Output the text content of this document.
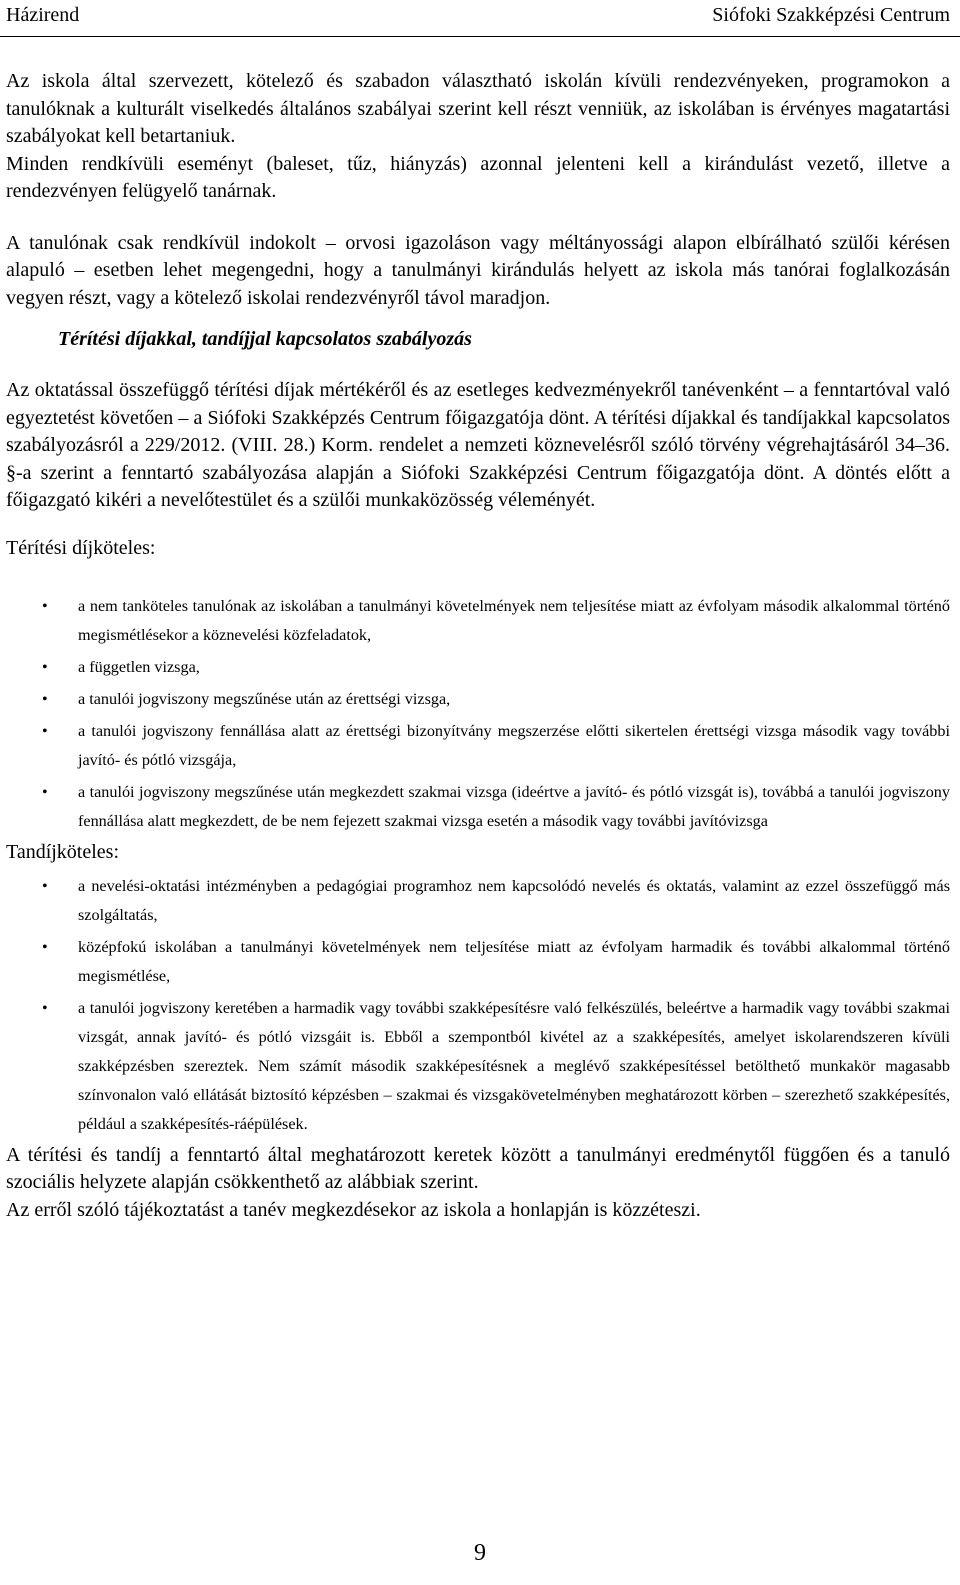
Házirend	Siófoki Szakképzési Centrum

Az iskola által szervezett, kötelező és szabadon választható iskolán kívüli rendezvényeken, programokon a tanulóknak a kulturált viselkedés általános szabályai szerint kell részt venniük, az iskolában is érvényes magatartási szabályokat kell betartaniuk.

Minden rendkívüli eseményt (baleset, tűz, hiányzás) azonnal jelenteni kell a kirándulást vezető, illetve a rendezvényen felügyelő tanárnak.

A tanulónak csak rendkívül indokolt – orvosi igazoláson vagy méltányossági alapon elbírálható szülői kérésen alapuló – esetben lehet megengedni, hogy a tanulmányi kirándulás helyett az iskola más tanórai foglalkozásán vegyen részt, vagy a kötelező iskolai rendezvényről távol maradjon.

Térítési díjakkal, tandíjjal kapcsolatos szabályozás

Az oktatással összefüggő térítési díjak mértékéről és az esetleges kedvezményekről tanévenként – a fenntartóval való egyeztetést követően – a Siófoki Szakképzés Centrum főigazgatója dönt. A térítési díjakkal és tandíjakkal kapcsolatos szabályozásról a 229/2012. (VIII. 28.) Korm. rendelet a nemzeti köznevelésről szóló törvény végrehajtásáról 34–36. §-a szerint a fenntartó szabályozása alapján a Siófoki Szakképzési Centrum főigazgatója dönt. A döntés előtt a főigazgató kikéri a nevelőtestület és a szülői munkaközösség véleményét.

Térítési díjköteles:

• a nem tanköteles tanulónak az iskolában a tanulmányi követelmények nem teljesítése miatt az évfolyam második alkalommal történő megismétlésekor a köznevelési közfeladatok,
• a független vizsga,
• a tanulói jogviszony megszűnése után az érettségi vizsga,
• a tanulói jogviszony fennállása alatt az érettségi bizonyítvány megszerzése előtti sikertelen érettségi vizsga második vagy további javító- és pótló vizsgája,
• a tanulói jogviszony megszűnése után megkezdett szakmai vizsga (ideértve a javító- és pótló vizsgát is), továbbá a tanulói jogviszony fennállása alatt megkezdett, de be nem fejezett szakmai vizsga esetén a második vagy további javítóvizsga

Tandíjköteles:

• a nevelési-oktatási intézményben a pedagógiai programhoz nem kapcsolódó nevelés és oktatás, valamint az ezzel összefüggő más szolgáltatás,
• középfokú iskolában a tanulmányi követelmények nem teljesítése miatt az évfolyam harmadik és további alkalommal történő megismétlése,
• a tanulói jogviszony keretében a harmadik vagy további szakképesítésre való felkészülés, beleértve a harmadik vagy további szakmai vizsgát, annak javító- és pótló vizsgáit is. Ebből a szempontból kivétel az a szakképesítés, amelyet iskolarendszeren kívüli szakképzésben szereztek. Nem számít második szakképesítésnek a meglévő szakképesítéssel betölthető munkakör magasabb színvonalon való ellátását biztosító képzésben – szakmai és vizsgakövetelményben meghatározott körben – szerezhető szakképesítés, például a szakképesítés-ráépülések.

A térítési és tandíj a fenntartó által meghatározott keretek között a tanulmányi eredménytől függően és a tanuló szociális helyzete alapján csökkenthető az alábbiak szerint.

Az erről szóló tájékoztatást a tanév megkezdésekor az iskola a honlapján is közzéteszi.

9
